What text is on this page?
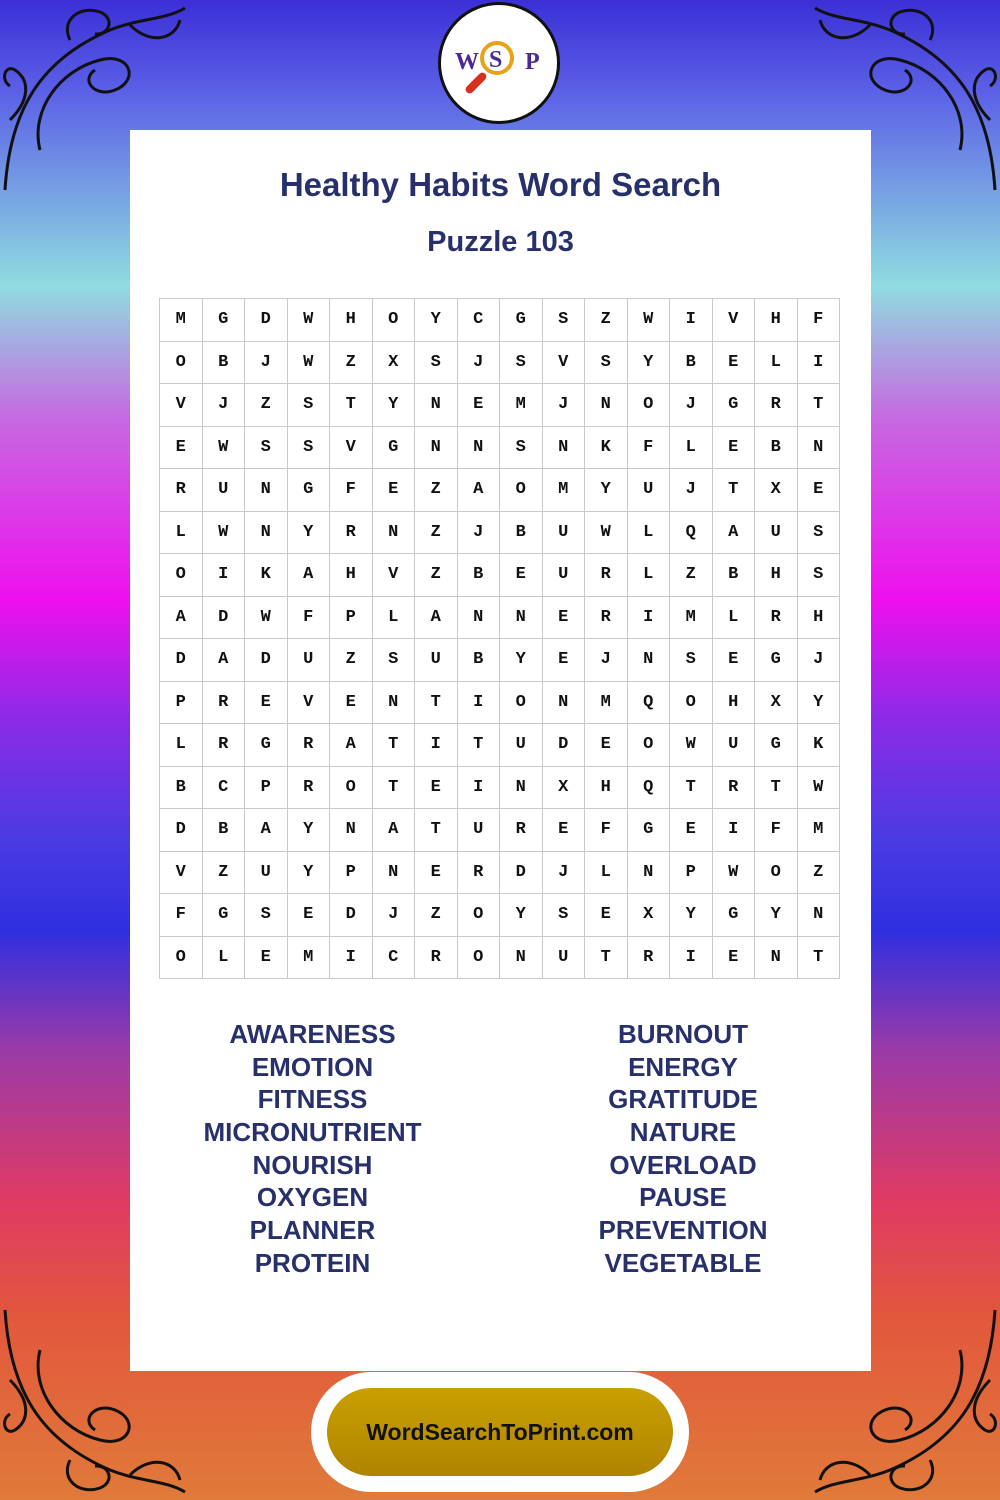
W S P
Healthy Habits Word Search
Puzzle 103
M	G	D	W	H	O	Y	C	G	S	Z	W	I	V	H	F
O	B	J	W	Z	X	S	J	S	V	S	Y	B	E	L	I
V	J	Z	S	T	Y	N	E	M	J	N	O	J	G	R	T
E	W	S	S	V	G	N	N	S	N	K	F	L	E	B	N
R	U	N	G	F	E	Z	A	O	M	Y	U	J	T	X	E
L	W	N	Y	R	N	Z	J	B	U	W	L	Q	A	U	S
O	I	K	A	H	V	Z	B	E	U	R	L	Z	B	H	S
A	D	W	F	P	L	A	N	N	E	R	I	M	L	R	H
D	A	D	U	Z	S	U	B	Y	E	J	N	S	E	G	J
P	R	E	V	E	N	T	I	O	N	M	Q	O	H	X	Y
L	R	G	R	A	T	I	T	U	D	E	O	W	U	G	K
B	C	P	R	O	T	E	I	N	X	H	Q	T	R	T	W
D	B	A	Y	N	A	T	U	R	E	F	G	E	I	F	M
V	Z	U	Y	P	N	E	R	D	J	L	N	P	W	O	Z
F	G	S	E	D	J	Z	O	Y	S	E	X	Y	G	Y	N
O	L	E	M	I	C	R	O	N	U	T	R	I	E	N	T
AWARENESS
EMOTION
FITNESS
MICRONUTRIENT
NOURISH
OXYGEN
PLANNER
PROTEIN
BURNOUT
ENERGY
GRATITUDE
NATURE
OVERLOAD
PAUSE
PREVENTION
VEGETABLE
WordSearchToPrint.com
